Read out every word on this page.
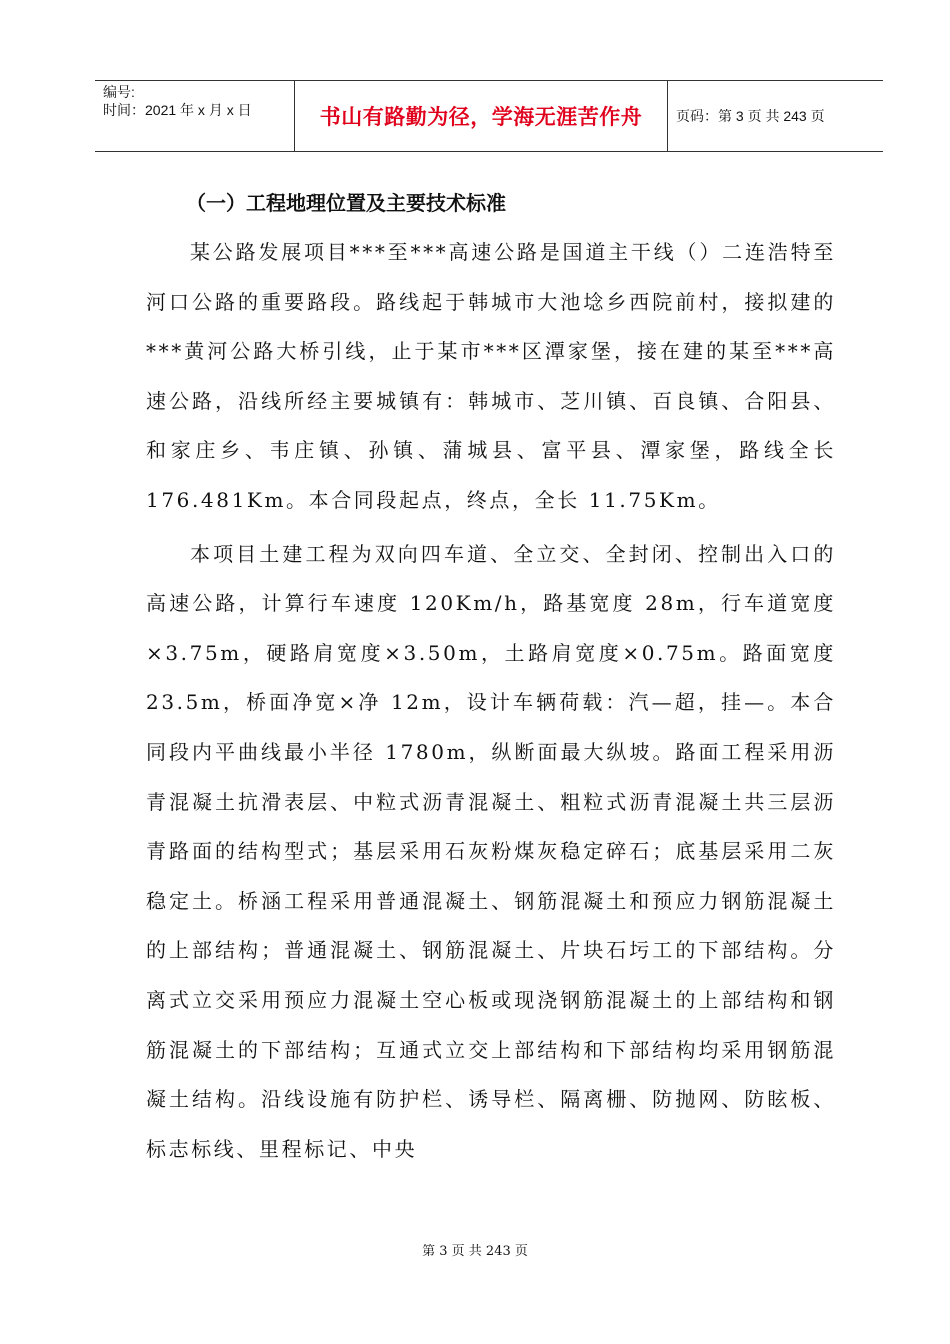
编号:
时间：2021 年 x 月 x 日	书山有路勤为径，学海无涯苦作舟	页码：第 3 页 共 243 页
（一）工程地理位置及主要技术标准

某公路发展项目***至***高速公路是国道主干线（）二连浩特至河口公路的重要路段。路线起于韩城市大池埝乡西院前村，接拟建的***黄河公路大桥引线，止于某市***区潭家堡，接在建的某至***高速公路，沿线所经主要城镇有：韩城市、芝川镇、百良镇、合阳县、和家庄乡、韦庄镇、孙镇、蒲城县、富平县、潭家堡，路线全长 176.481Km。本合同段起点，终点，全长 11.75Km。

本项目土建工程为双向四车道、全立交、全封闭、控制出入口的高速公路，计算行车速度 120Km/h，路基宽度 28m，行车道宽度×3.75m，硬路肩宽度×3.50m，土路肩宽度×0.75m。路面宽度 23.5m，桥面净宽×净 12m，设计车辆荷载：汽—超，挂—。本合同段内平曲线最小半径 1780m，纵断面最大纵坡。路面工程采用沥青混凝土抗滑表层、中粒式沥青混凝土、粗粒式沥青混凝土共三层沥青路面的结构型式；基层采用石灰粉煤灰稳定碎石；底基层采用二灰稳定土。桥涵工程采用普通混凝土、钢筋混凝土和预应力钢筋混凝土的上部结构；普通混凝土、钢筋混凝土、片块石圬工的下部结构。分离式立交采用预应力混凝土空心板或现浇钢筋混凝土的上部结构和钢筋混凝土的下部结构；互通式立交上部结构和下部结构均采用钢筋混凝土结构。沿线设施有防护栏、诱导栏、隔离栅、防抛网、防眩板、标志标线、里程标记、中央

第 3 页 共 243 页
